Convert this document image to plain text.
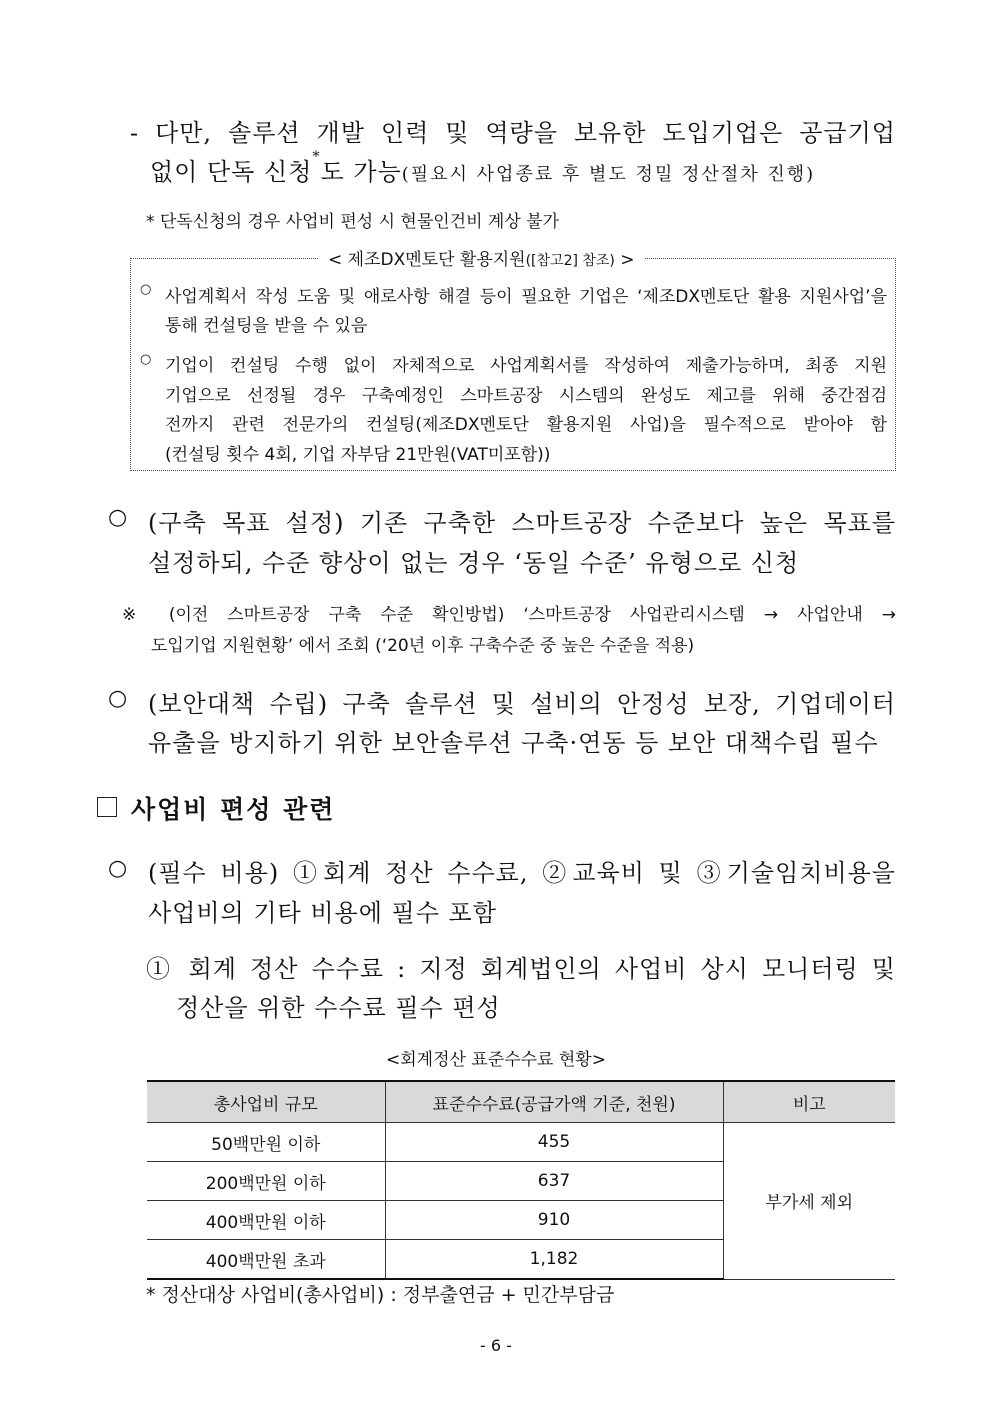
- 다만, 솔루션 개발 인력 및 역량을 보유한 도입기업은 공급기업
없이 단독 신청*도 가능(필요시 사업종료 후 별도 정밀 정산절차 진행)
* 단독신청의 경우 사업비 편성 시 현물인건비 계상 불가
< 제조DX멘토단 활용지원([참고2] 참조) >
○ 사업계획서 작성 도움 및 애로사항 해결 등이 필요한 기업은 ‘제조DX멘토단 활용 지원사업’을
통해 컨설팅을 받을 수 있음
○ 기업이 컨설팅 수행 없이 자체적으로 사업계획서를 작성하여 제출가능하며, 최종 지원
기업으로 선정될 경우 구축예정인 스마트공장 시스템의 완성도 제고를 위해 중간점검
전까지 관련 전문가의 컨설팅(제조DX멘토단 활용지원 사업)을 필수적으로 받아야 함
(컨설팅 횟수 4회, 기업 자부담 21만원(VAT미포함))
○ (구축 목표 설정) 기존 구축한 스마트공장 수준보다 높은 목표를
설정하되, 수준 향상이 없는 경우 ‘동일 수준’ 유형으로 신청
※ (이전 스마트공장 구축 수준 확인방법) ‘스마트공장 사업관리시스템 → 사업안내 →
도입기업 지원현황’ 에서 조회 (‘20년 이후 구축수준 중 높은 수준을 적용)
○ (보안대책 수립) 구축 솔루션 및 설비의 안정성 보장, 기업데이터
유출을 방지하기 위한 보안솔루션 구축·연동 등 보안 대책수립 필수
사업비 편성 관련
○ (필수 비용) ①회계 정산 수수료, ②교육비 및 ③기술임치비용을
사업비의 기타 비용에 필수 포함
① 회계 정산 수수료 : 지정 회계법인의 사업비 상시 모니터링 및
정산을 위한 수수료 필수 편성
<회계정산 표준수수료 현황>
총사업비 규모	표준수수료(공급가액 기준, 천원)	비고
50백만원 이하	455	부가세 제외
200백만원 이하	637	
400백만원 이하	910	
400백만원 초과	1,182	
* 정산대상 사업비(총사업비) : 정부출연금 + 민간부담금
- 6 -
